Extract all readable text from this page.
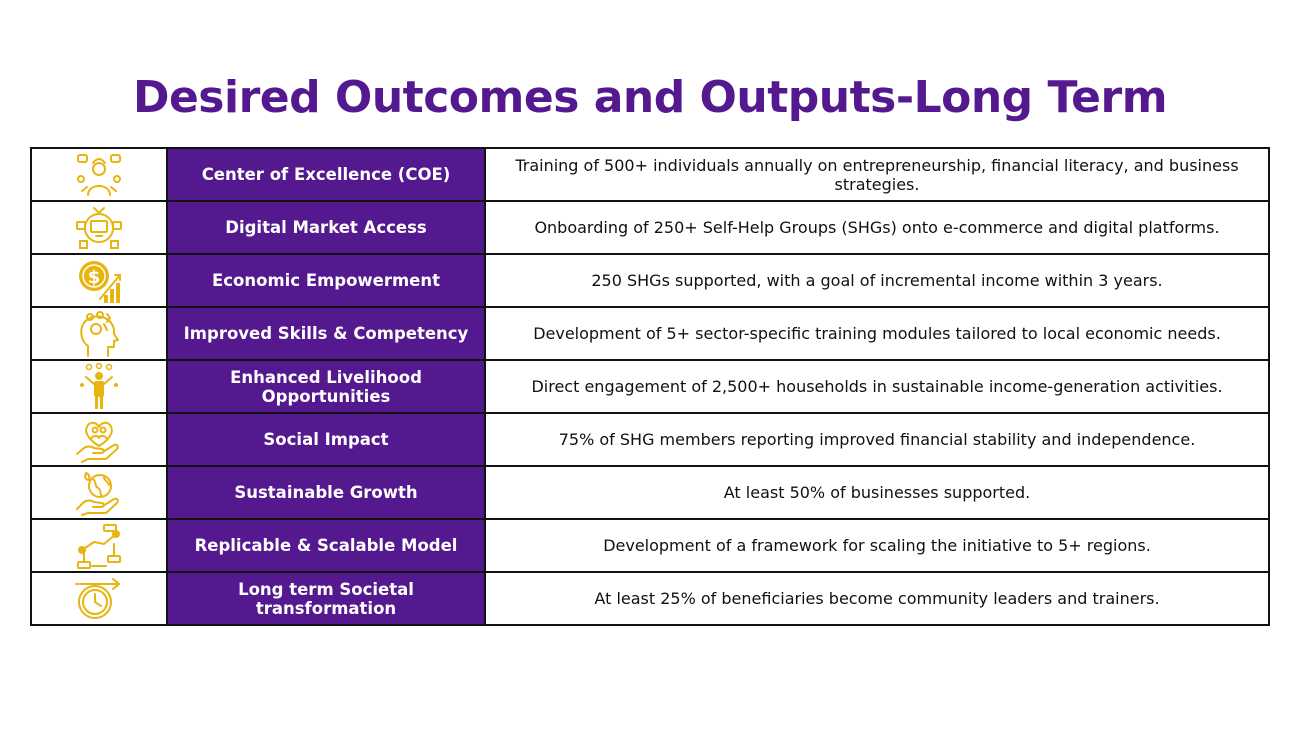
Desired Outcomes and Outputs-Long Term
	Center of Excellence (COE)	Training of 500+ individuals annually on entrepreneurship, financial literacy, and business strategies.

	Digital Market Access	Onboarding of 250+ Self-Help Groups (SHGs) onto e-commerce and digital platforms.

$	Economic Empowerment	250 SHGs supported, with a goal of incremental income within 3 years.

	Improved Skills & Competency	Development of 5+ sector-specific training modules tailored to local economic needs.

	Enhanced Livelihood Opportunities	Direct engagement of 2,500+ households in sustainable income-generation activities.

	Social Impact	75% of SHG members reporting improved financial stability and independence.

	Sustainable Growth	At least 50% of businesses supported.

	Replicable & Scalable Model	Development of a framework for scaling the initiative to 5+ regions.

	Long term Societal transformation	At least 25% of beneficiaries become community leaders and trainers.
